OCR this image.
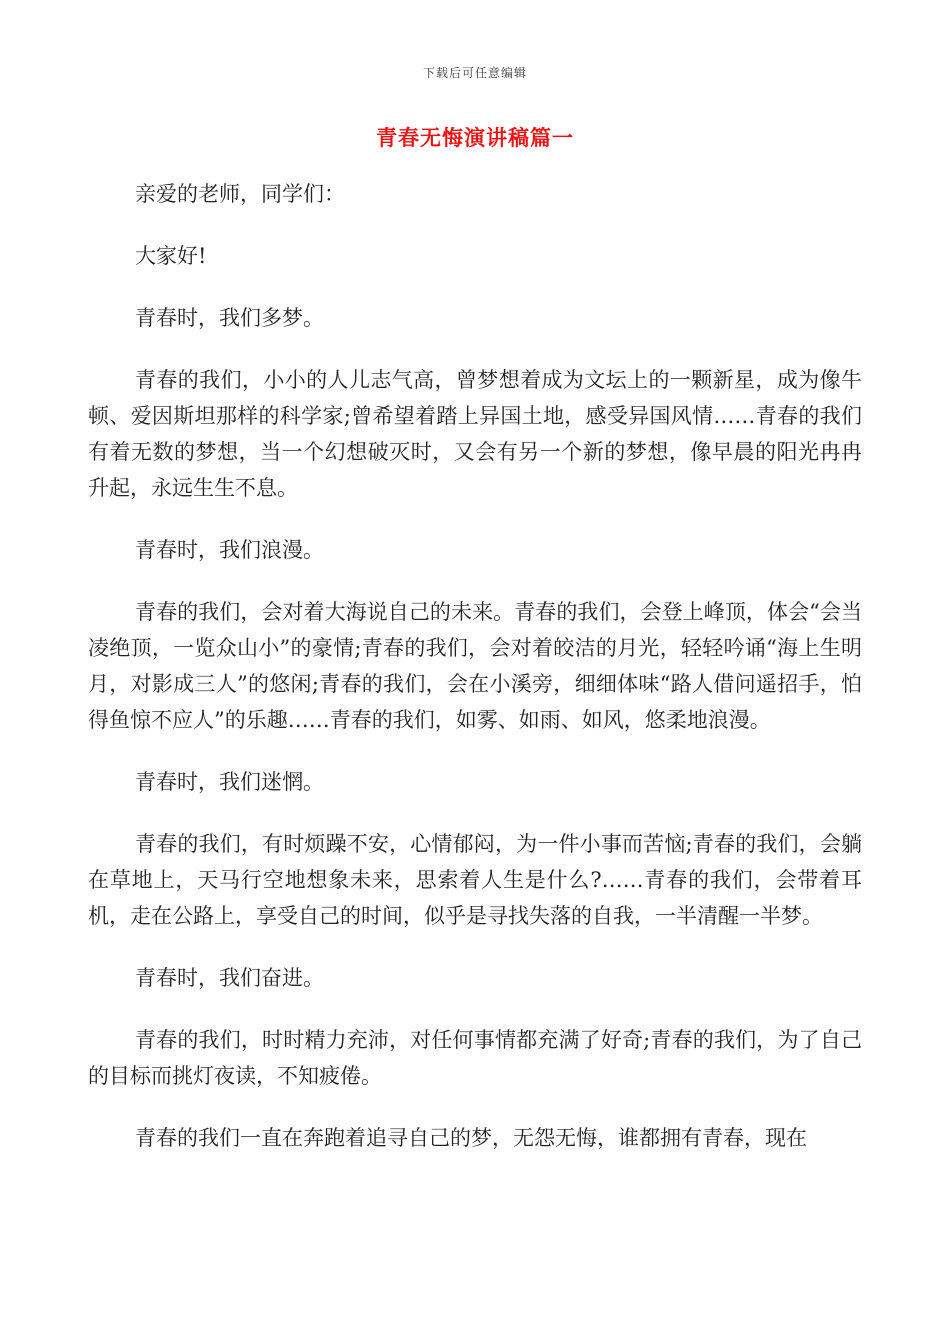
下载后可任意编辑
青春无悔演讲稿篇一

亲爱的老师，同学们：

大家好!

青春时，我们多梦。

青春的我们，小小的人儿志气高，曾梦想着成为文坛上的一颗新星，成为像牛顿、爱因斯坦那样的科学家;曾希望着踏上异国土地，感受异国风情……青春的我们有着无数的梦想，当一个幻想破灭时，又会有另一个新的梦想，像早晨的阳光冉冉升起，永远生生不息。

青春时，我们浪漫。

青春的我们，会对着大海说自己的未来。青春的我们，会登上峰顶，体会“会当凌绝顶，一览众山小”的豪情;青春的我们，会对着皎洁的月光，轻轻吟诵“海上生明月，对影成三人”的悠闲;青春的我们，会在小溪旁，细细体味“路人借问遥招手，怕得鱼惊不应人”的乐趣……青春的我们，如雾、如雨、如风，悠柔地浪漫。

青春时，我们迷惘。

青春的我们，有时烦躁不安，心情郁闷，为一件小事而苦恼;青春的我们，会躺在草地上，天马行空地想象未来，思索着人生是什么?……青春的我们，会带着耳机，走在公路上，享受自己的时间，似乎是寻找失落的自我，一半清醒一半梦。

青春时，我们奋进。

青春的我们，时时精力充沛，对任何事情都充满了好奇;青春的我们，为了自己的目标而挑灯夜读，不知疲倦。

青春的我们一直在奔跑着追寻自己的梦，无怨无悔，谁都拥有青春，现在
